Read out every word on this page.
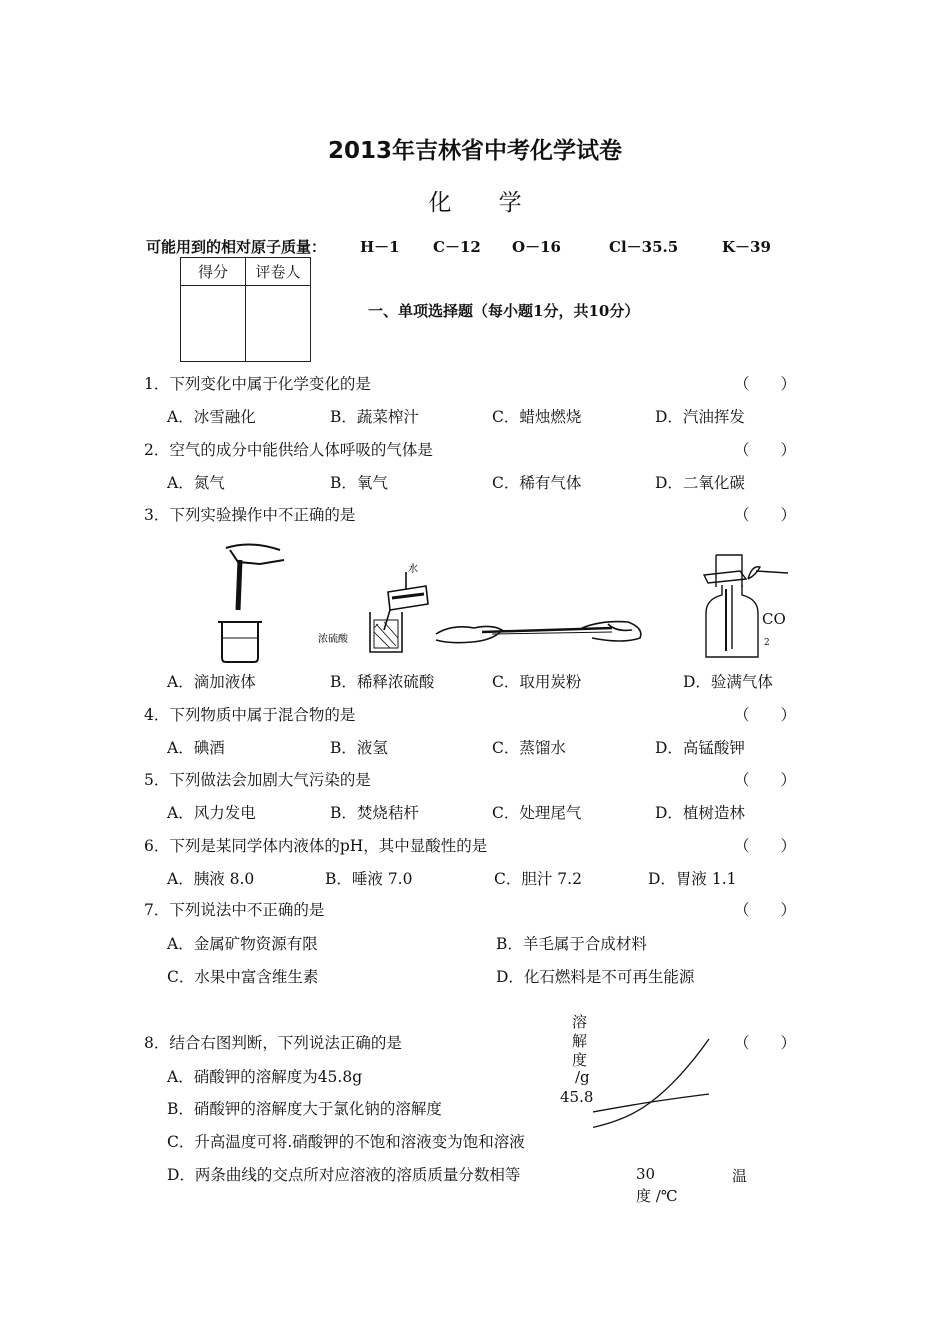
2013年吉林省中考化学试卷
化 学
可能用到的相对原子质量： H－1 C－12 O－16	Cl－35.5	K－39
得分	评卷人

一、单项选择题（每小题1分，共10分）
1．下列变化中属于化学变化的是	（　　）
A．冰雪融化	B．蔬菜榨汁	C．蜡烛燃烧	D．汽油挥发
2．空气的成分中能供给人体呼吸的气体是	（　　）
A．氮气	B．氧气	C．稀有气体	D．二氧化碳
3．下列实验操作中不正确的是	（　　）
水
浓硫酸
CO
2
A．滴加液体	B．稀释浓硫酸	C．取用炭粉	D．验满气体
4．下列物质中属于混合物的是	（　　）
A．碘酒	B．液氢	C．蒸馏水	D．高锰酸钾
5．下列做法会加剧大气污染的是	（　　）
A．风力发电	B．焚烧秸杆	C．处理尾气	D．植树造林
6．下列是某同学体内液体的pH，其中显酸性的是	（　　）
A．胰液 8.0	B．唾液 7.0	C．胆汁 7.2	D．胃液 1.1
7．下列说法中不正确的是	（　　）
A．金属矿物资源有限	B．羊毛属于合成材料
C．水果中富含维生素	D．化石燃料是不可再生能源
8．结合右图判断，下列说法正确的是	（　　）
A．硝酸钾的溶解度为45.8g
B．硝酸钾的溶解度大于氯化钠的溶解度
C．升高温度可将.硝酸钾的不饱和溶液变为饱和溶液
D．两条曲线的交点所对应溶液的溶质质量分数相等
溶
解
度
/g
45.8
30	温
度 /℃
